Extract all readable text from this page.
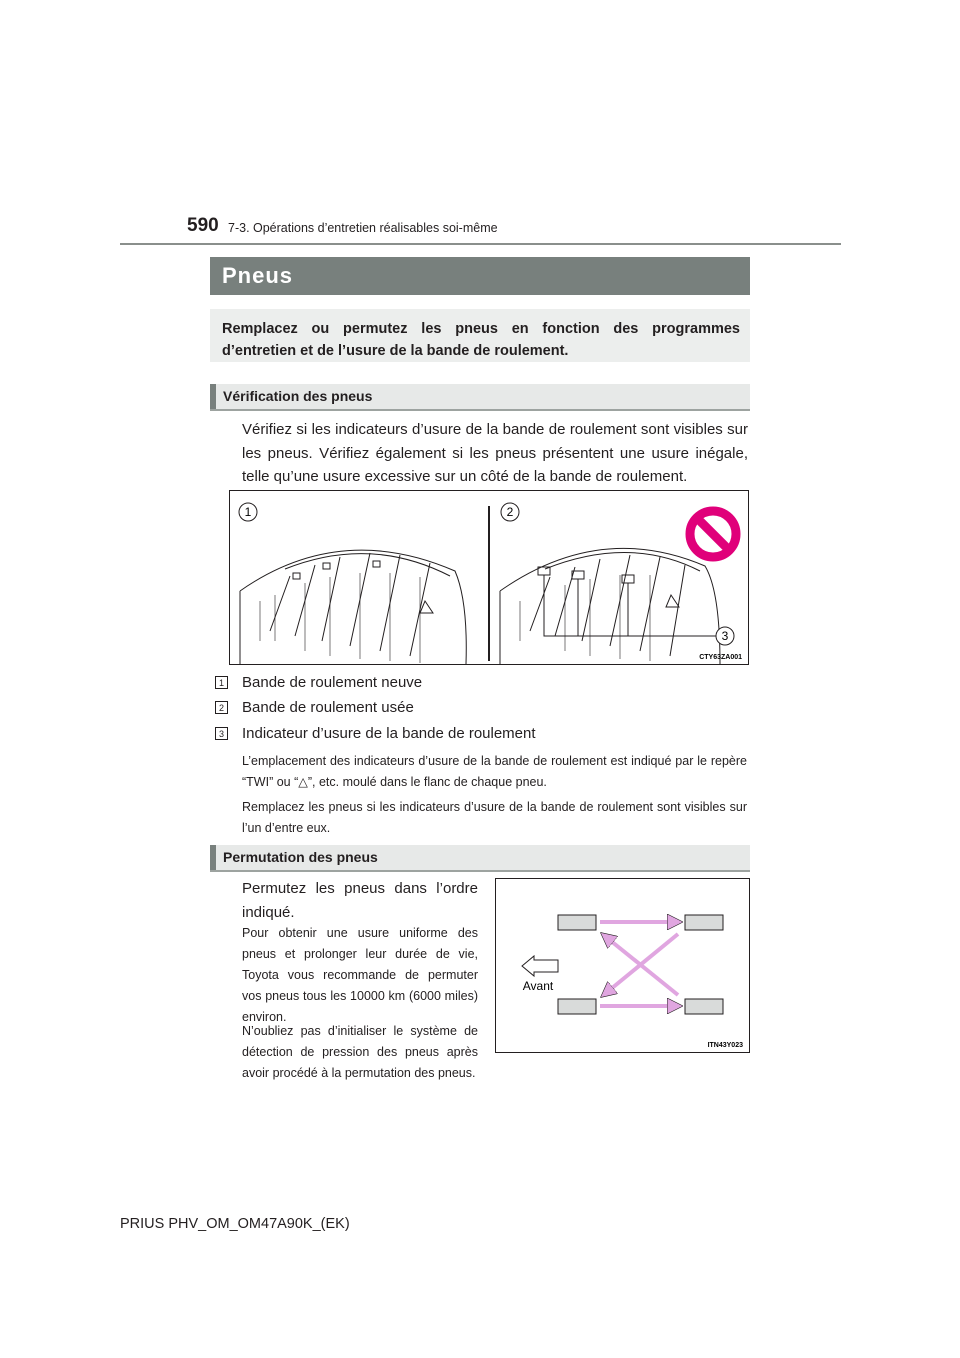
590 7-3. Opérations d’entretien réalisables soi-même
Pneus

Remplacez ou permutez les pneus en fonction des programmes d’entretien et de l’usure de la bande de roulement.

Vérification des pneus

Vérifiez si les indicateurs d’usure de la bande de roulement sont visibles sur les pneus. Vérifiez également si les pneus présentent une usure inégale, telle qu’une usure excessive sur un côté de la bande de roulement.

1	2
3
CTY63ZA001
1 Bande de roulement neuve
2 Bande de roulement usée
3 Indicateur d’usure de la bande de roulement

L’emplacement des indicateurs d’usure de la bande de roulement est indiqué par le repère “TWI” ou “△”, etc. moulé dans le flanc de chaque pneu.

Remplacez les pneus si les indicateurs d’usure de la bande de roulement sont visibles sur l’un d’entre eux.

Permutation des pneus

Permutez les pneus dans l’ordre indiqué.

Pour obtenir une usure uniforme des pneus et prolonger leur durée de vie, Toyota vous recommande de permuter vos pneus tous les 10000 km (6000 miles) environ.

N’oubliez pas d’initialiser le système de détection de pression des pneus après avoir procédé à la permutation des pneus.

Avant
ITN43Y023
PRIUS PHV_OM_OM47A90K_(EK)
